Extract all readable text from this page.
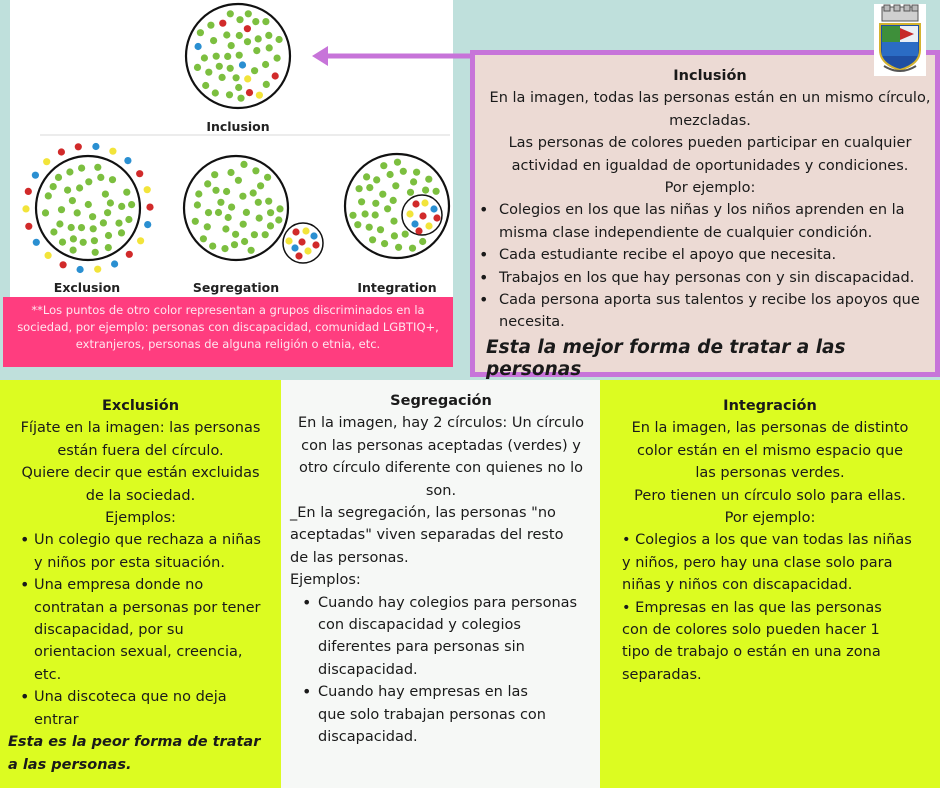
Inclusion
Exclusion	Segregation	Integration
**Los puntos de otro color representan a grupos discriminados en la sociedad, por ejemplo: personas con discapacidad, comunidad LGBTIQ+, extranjeros, personas de alguna religión o etnia, etc.
Inclusión
En la imagen, todas las personas están en un mismo círculo, mezcladas.
Las personas de colores pueden participar en cualquier actividad en igualdad de oportunidades y condiciones.
Por ejemplo:
• Colegios en los que las niñas y los niños aprenden en la misma clase independiente de cualquier condición.
• Cada estudiante recibe el apoyo que necesita.
• Trabajos en los que hay personas con y sin discapacidad.
• Cada persona aporta sus talentos y recibe los apoyos que necesita.
Esta la mejor forma de tratar a las personas
Exclusión
Fíjate en la imagen: las personas están fuera del círculo.
Quiere decir que están excluidas de la sociedad.
Ejemplos:
• Un colegio que rechaza a niñas y niños por esta situación.
• Una empresa donde no contratan a personas por tener discapacidad, por su orientacion sexual, creencia, etc.
• Una discoteca que no deja entrar
Esta es la peor forma de tratar a las personas.
Segregación
En la imagen, hay 2 círculos: Un círculo con las personas aceptadas (verdes) y otro círculo diferente con quienes no lo son.
_En la segregación, las personas "no aceptadas" viven separadas del resto de las personas.
Ejemplos:
• Cuando hay colegios para personas con discapacidad y colegios diferentes para personas sin discapacidad.
• Cuando hay empresas en las que solo trabajan personas con discapacidad.
Integración
En la imagen, las personas de distinto color están en el mismo espacio que las personas verdes.
Pero tienen un círculo solo para ellas.
Por ejemplo:
• Colegios a los que van todas las niñas y niños, pero hay una clase solo para niñas y niños con discapacidad.
• Empresas en las que las personas con de colores solo pueden hacer 1 tipo de trabajo o están en una zona separadas.
